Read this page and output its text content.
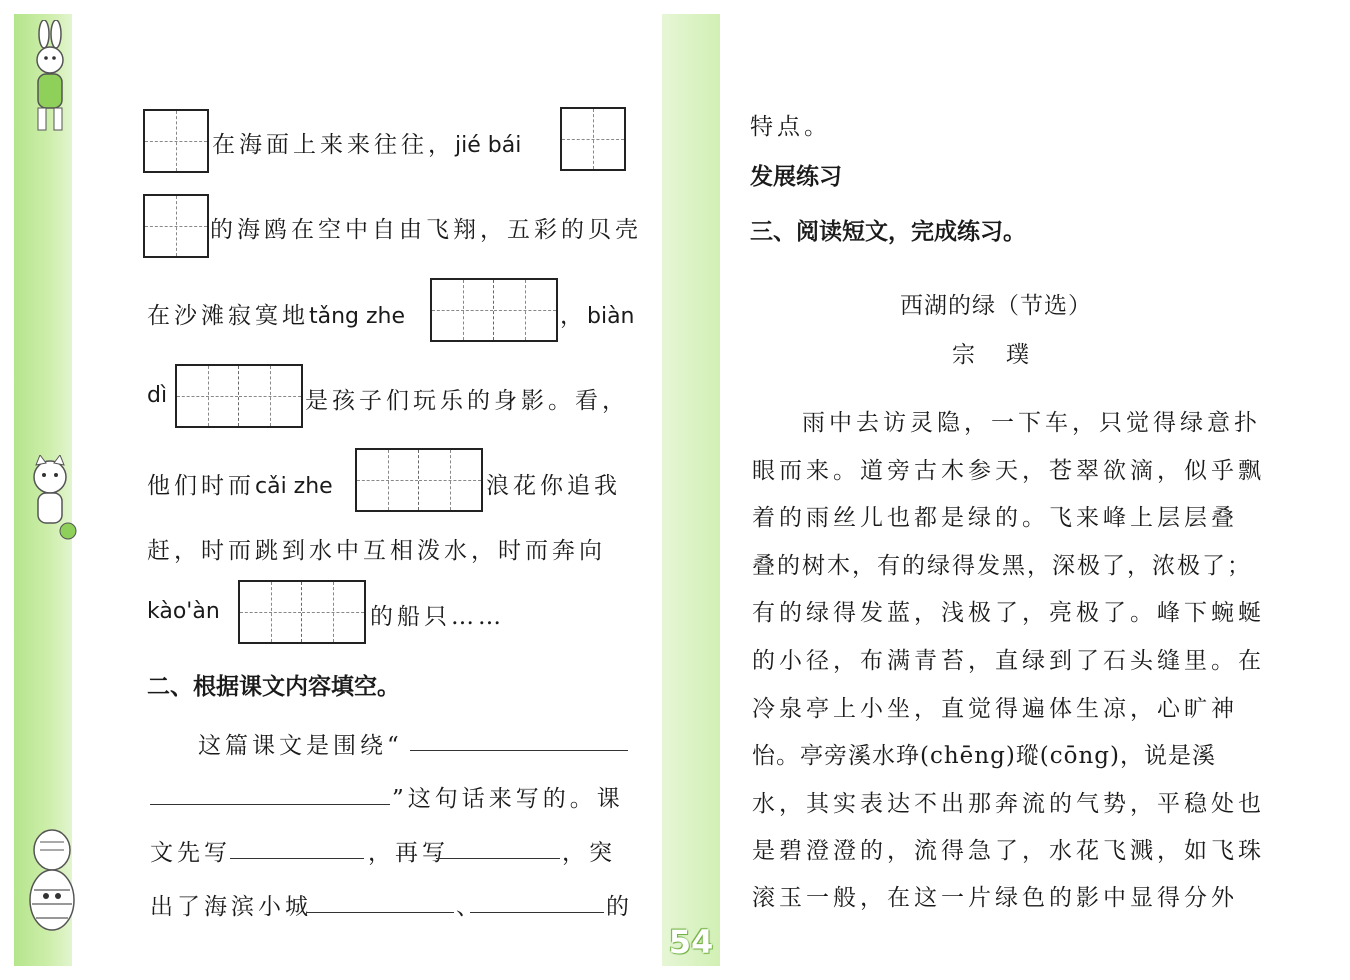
在海面上来来往往，jié bái
的海鸥在空中自由飞翔，五彩的贝壳
在沙滩寂寞地tǎng zhe	，biàn
dì	是孩子们玩乐的身影。看，
他们时而cǎi zhe	浪花你追我
赶，时而跳到水中互相泼水，时而奔向
kào'àn	的船只……
二、根据课文内容填空。
这篇课文是围绕“
”这句话来写的。课
文先写	，再写	，突
出了海滨小城	、	的
特点。
发展练习
三、阅读短文，完成练习。
西湖的绿（节选）
宗　璞
雨中去访灵隐，一下车，只觉得绿意扑
眼而来。道旁古木参天，苍翠欲滴，似乎飘
着的雨丝儿也都是绿的。飞来峰上层层叠
叠的树木，有的绿得发黑，深极了，浓极了；
有的绿得发蓝，浅极了，亮极了。峰下蜿蜒
的小径，布满青苔，直绿到了石头缝里。在
冷泉亭上小坐，直觉得遍体生凉，心旷神
怡。亭旁溪水琤(chēng)瑽(cōng)，说是溪
水，其实表达不出那奔流的气势，平稳处也
是碧澄澄的，流得急了，水花飞溅，如飞珠
滚玉一般，在这一片绿色的影中显得分外
54
